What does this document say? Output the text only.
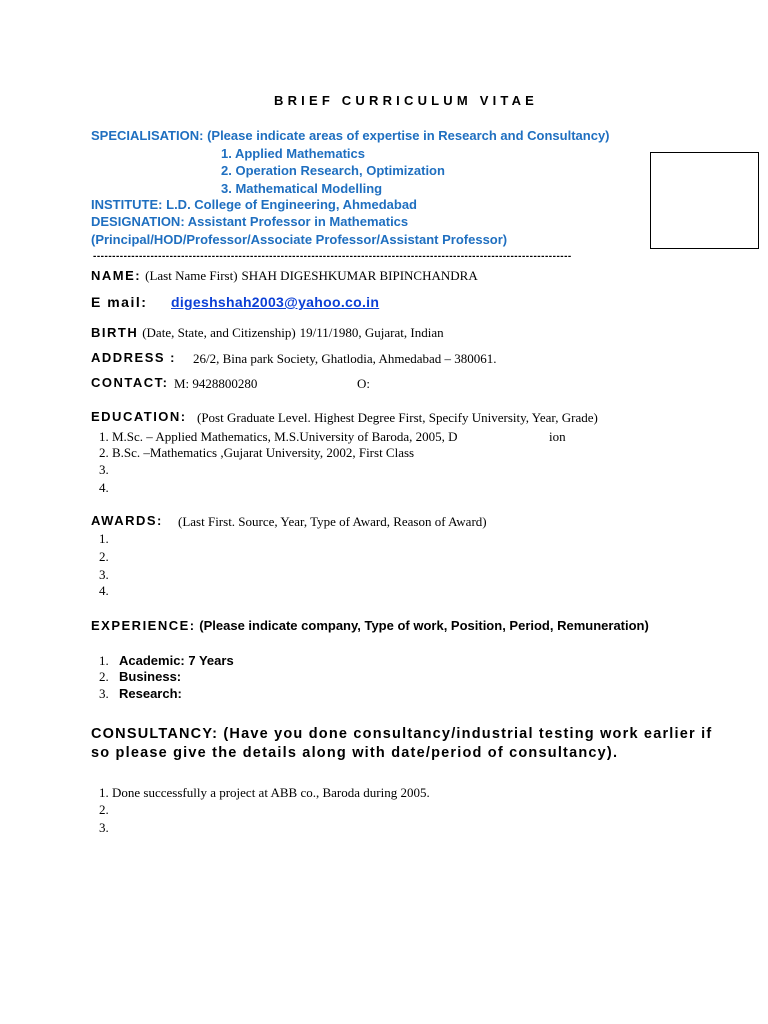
BRIEF CURRICULUM VITAE
SPECIALISATION: (Please indicate areas of expertise in Research and Consultancy)
1. Applied Mathematics
2. Operation Research, Optimization
3. Mathematical Modelling
INSTITUTE: L.D. College of Engineering, Ahmedabad
DESIGNATION: Assistant Professor in Mathematics
(Principal/HOD/Professor/Associate Professor/Assistant Professor)
-----------------------------------------------------------------------------------------------------------------------------
NAME: (Last Name First) SHAH DIGESHKUMAR BIPINCHANDRA
E mail: digeshshah2003@yahoo.co.in
BIRTH (Date, State, and Citizenship) 19/11/1980, Gujarat, Indian
ADDRESS : 26/2, Bina park Society, Ghatlodia, Ahmedabad – 380061.
CONTACT: M: 9428800280	O:
EDUCATION: (Post Graduate Level. Highest Degree First, Specify University, Year, Grade)
1. M.Sc. – Applied Mathematics, M.S.University of Baroda, 2005, D	ion
2. B.Sc. –Mathematics ,Gujarat University, 2002, First Class
3.
4.
AWARDS: (Last First. Source, Year, Type of Award, Reason of Award)
1.
2.
3.
4.
EXPERIENCE: (Please indicate company, Type of work, Position, Period, Remuneration)
1. Academic: 7 Years
2. Business:
3. Research:
CONSULTANCY: (Have you done consultancy/industrial testing work earlier if
so please give the details along with date/period of consultancy).
1. Done successfully a project at ABB co., Baroda during 2005.
2.
3.
